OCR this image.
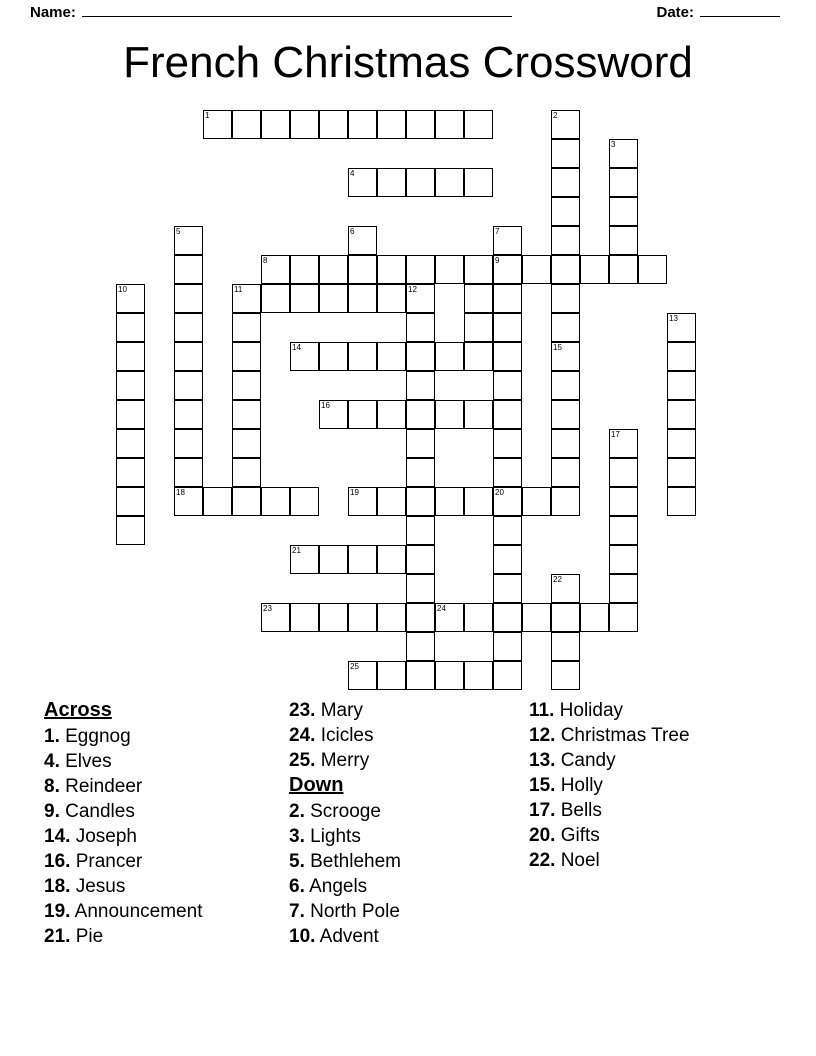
Name:	Date:
French Christmas Crossword
1	2
3
4
5	6	7
8	9
10	11	12
13
14	15
16
17
18	19	20
21
22
23	24
25
Across
1. Eggnog
4. Elves
8. Reindeer
9. Candles
14. Joseph
16. Prancer
18. Jesus
19. Announcement
21. Pie
23. Mary
24. Icicles
25. Merry
Down
2. Scrooge
3. Lights
5. Bethlehem
6. Angels
7. North Pole
10. Advent
11. Holiday
12. Christmas Tree
13. Candy
15. Holly
17. Bells
20. Gifts
22. Noel
